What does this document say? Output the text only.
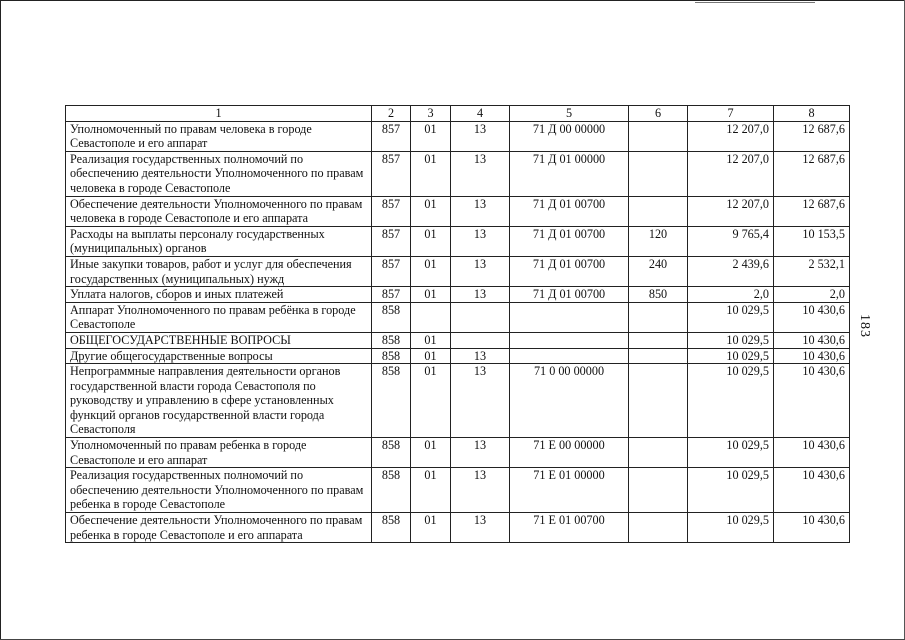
183
1	2	3	4	5	6	7	8
Уполномоченный по правам человека в городе Севастополе и его аппарат	857	01	13	71 Д 00 00000		12 207,0	12 687,6
Реализация государственных полномочий по обеспечению деятельности Уполномоченного по правам человека в городе Севастополе	857	01	13	71 Д 01 00000		12 207,0	12 687,6
Обеспечение деятельности Уполномоченного по правам человека в городе Севастополе и его аппарата	857	01	13	71 Д 01 00700		12 207,0	12 687,6
Расходы на выплаты персоналу государственных (муниципальных) органов	857	01	13	71 Д 01 00700	120	9 765,4	10 153,5
Иные закупки товаров, работ и услуг для обеспечения государственных (муниципальных) нужд	857	01	13	71 Д 01 00700	240	2 439,6	2 532,1
Уплата налогов, сборов и иных платежей	857	01	13	71 Д 01 00700	850	2,0	2,0
Аппарат Уполномоченного по правам ребёнка в городе Севастополе	858					10 029,5	10 430,6
ОБЩЕГОСУДАРСТВЕННЫЕ ВОПРОСЫ	858	01				10 029,5	10 430,6
Другие общегосударственные вопросы	858	01	13			10 029,5	10 430,6
Непрограммные направления деятельности органов государственной власти города Севастополя по руководству и управлению в сфере установленных функций органов государственной власти города Севастополя	858	01	13	71 0 00 00000		10 029,5	10 430,6
Уполномоченный по правам ребенка в городе Севастополе и его аппарат	858	01	13	71 Е 00 00000		10 029,5	10 430,6
Реализация государственных полномочий по обеспечению деятельности Уполномоченного по правам ребенка в городе Севастополе	858	01	13	71 Е 01 00000		10 029,5	10 430,6
Обеспечение деятельности Уполномоченного по правам ребенка в городе Севастополе и его аппарата	858	01	13	71 Е 01 00700		10 029,5	10 430,6
